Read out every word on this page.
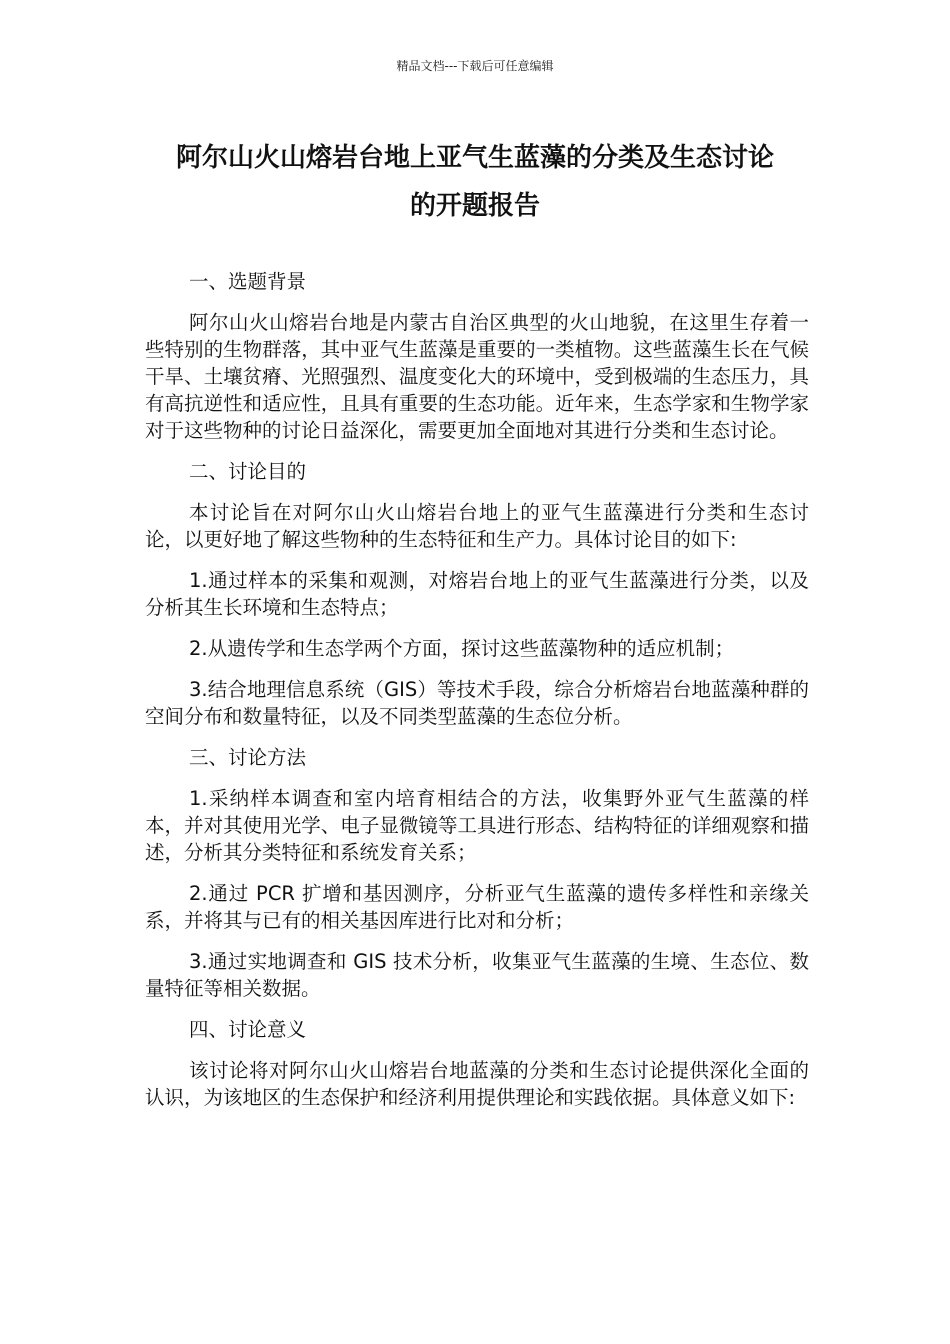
精品文档---下载后可任意编辑
阿尔山火山熔岩台地上亚气生蓝藻的分类及生态讨论
的开题报告
一、选题背景

阿尔山火山熔岩台地是内蒙古自治区典型的火山地貌，在这里生存着一些特别的生物群落，其中亚气生蓝藻是重要的一类植物。这些蓝藻生长在气候干旱、土壤贫瘠、光照强烈、温度变化大的环境中，受到极端的生态压力，具有高抗逆性和适应性，且具有重要的生态功能。近年来，生态学家和生物学家对于这些物种的讨论日益深化，需要更加全面地对其进行分类和生态讨论。

二、讨论目的

本讨论旨在对阿尔山火山熔岩台地上的亚气生蓝藻进行分类和生态讨论，以更好地了解这些物种的生态特征和生产力。具体讨论目的如下:

1.通过样本的采集和观测，对熔岩台地上的亚气生蓝藻进行分类，以及分析其生长环境和生态特点；

2.从遗传学和生态学两个方面，探讨这些蓝藻物种的适应机制；

3.结合地理信息系统（GIS）等技术手段，综合分析熔岩台地蓝藻种群的空间分布和数量特征，以及不同类型蓝藻的生态位分析。

三、讨论方法

1.采纳样本调查和室内培育相结合的方法，收集野外亚气生蓝藻的样本，并对其使用光学、电子显微镜等工具进行形态、结构特征的详细观察和描述，分析其分类特征和系统发育关系；

2.通过 PCR 扩增和基因测序，分析亚气生蓝藻的遗传多样性和亲缘关系，并将其与已有的相关基因库进行比对和分析；

3.通过实地调查和 GIS 技术分析，收集亚气生蓝藻的生境、生态位、数量特征等相关数据。

四、讨论意义

该讨论将对阿尔山火山熔岩台地蓝藻的分类和生态讨论提供深化全面的认识，为该地区的生态保护和经济利用提供理论和实践依据。具体意义如下:
